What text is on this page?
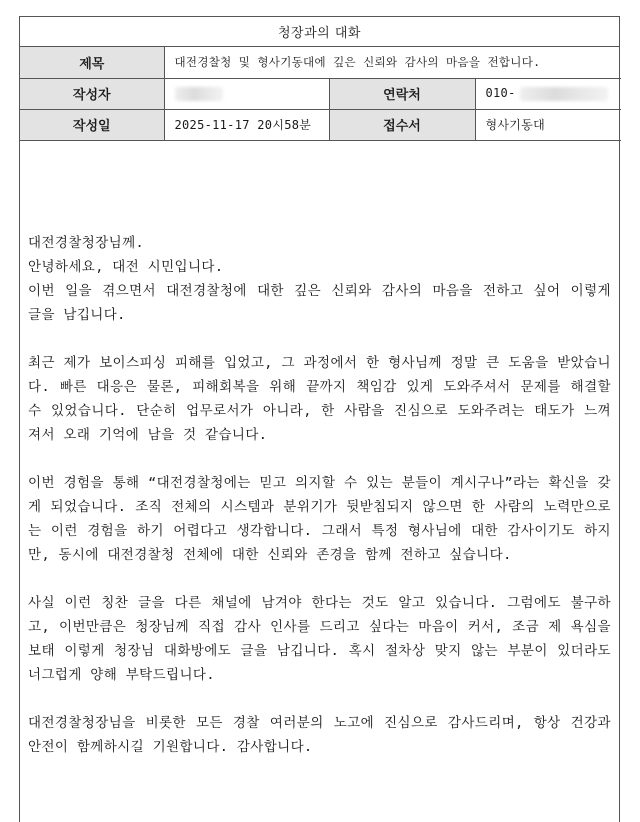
청장과의 대화
제목	대전경찰청 및 형사기동대에 깊은 신뢰와 감사의 마음을 전합니다.		
작성자		연락처	010-
작성일	2025-11-17 20시58분	접수서	형사기동대

대전경찰청장님께.

안녕하세요, 대전 시민입니다.

이번 일을 겪으면서 대전경찰청에 대한 깊은 신뢰와 감사의 마음을 전하고 싶어 이렇게 글을 남깁니다.

최근 제가 보이스피싱 피해를 입었고, 그 과정에서 한 형사님께 정말 큰 도움을 받았습니다. 빠른 대응은 물론, 피해회복을 위해 끝까지 책임감 있게 도와주셔서 문제를 해결할 수 있었습니다. 단순히 업무로서가 아니라, 한 사람을 진심으로 도와주려는 태도가 느껴져서 오래 기억에 남을 것 같습니다.

이번 경험을 통해 “대전경찰청에는 믿고 의지할 수 있는 분들이 계시구나”라는 확신을 갖게 되었습니다. 조직 전체의 시스템과 분위기가 뒷받침되지 않으면 한 사람의 노력만으로는 이런 경험을 하기 어렵다고 생각합니다. 그래서 특정 형사님에 대한 감사이기도 하지만, 동시에 대전경찰청 전체에 대한 신뢰와 존경을 함께 전하고 싶습니다.

사실 이런 칭찬 글을 다른 채널에 남겨야 한다는 것도 알고 있습니다. 그럼에도 불구하고, 이번만큼은 청장님께 직접 감사 인사를 드리고 싶다는 마음이 커서, 조금 제 욕심을 보태 이렇게 청장님 대화방에도 글을 남깁니다. 혹시 절차상 맞지 않는 부분이 있더라도 너그럽게 양해 부탁드립니다.

대전경찰청장님을 비롯한 모든 경찰 여러분의 노고에 진심으로 감사드리며, 항상 건강과 안전이 함께하시길 기원합니다. 감사합니다.
